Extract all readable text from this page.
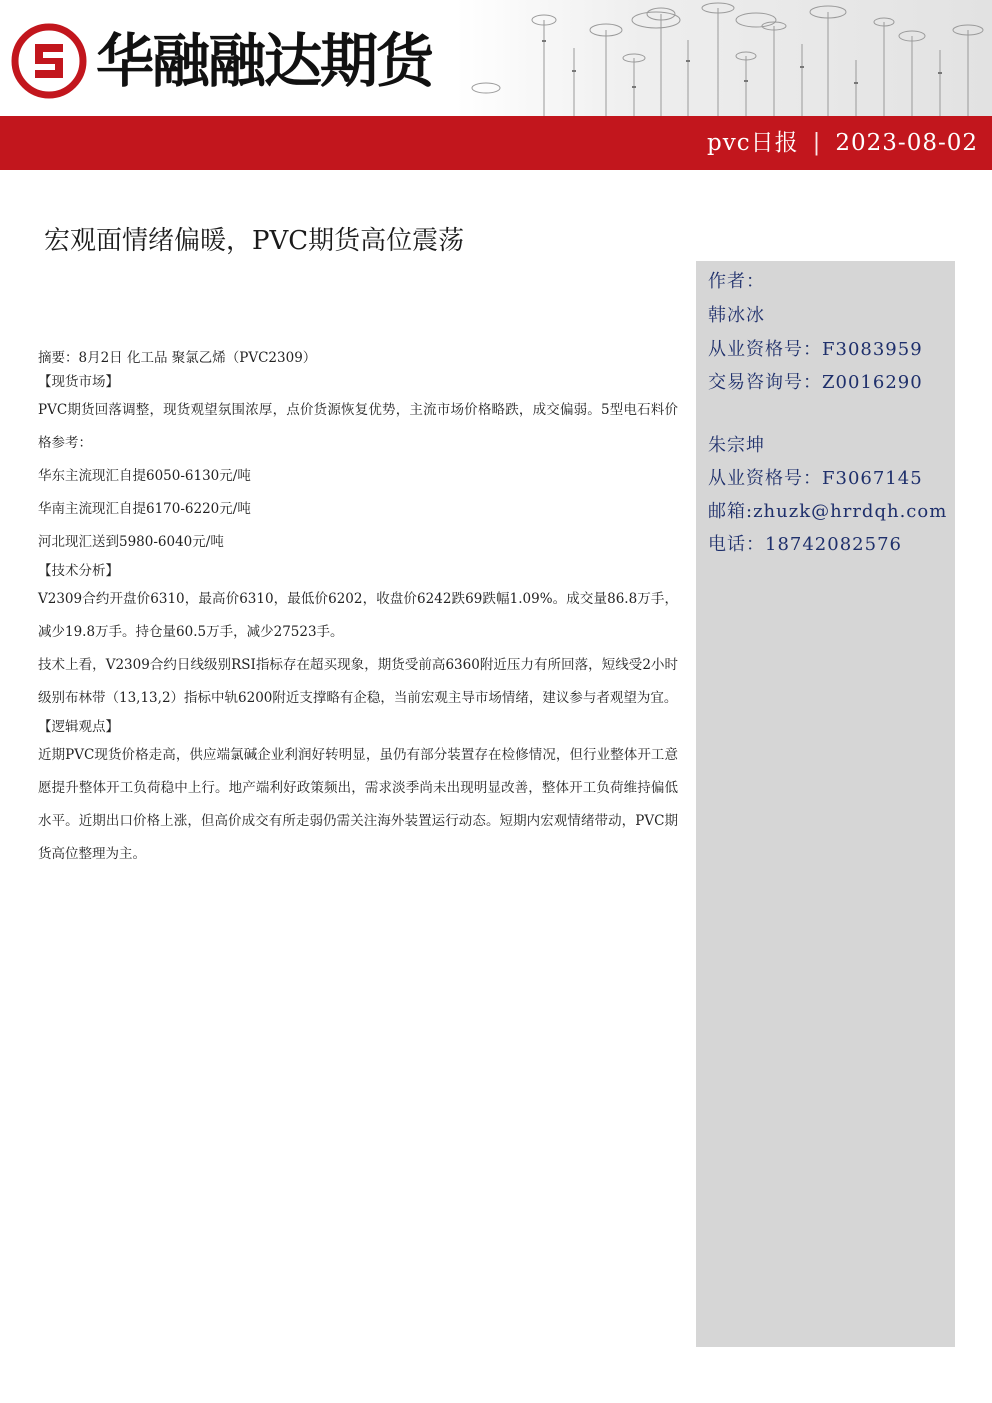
华融融达期货
pvc日报 | 2023-08-02
宏观面情绪偏暖，PVC期货高位震荡
作者：
韩冰冰
从业资格号：F3083959
交易咨询号：Z0016290
朱宗坤
从业资格号：F3067145
邮箱:zhuzk@hrrdqh.com
电话：18742082576

摘要：8月2日 化工品 聚氯乙烯（PVC2309）

【现货市场】

PVC期货回落调整，现货观望氛围浓厚，点价货源恢复优势，主流市场价格略跌，成交偏弱。5型电石料价格参考：

华东主流现汇自提6050-6130元/吨

华南主流现汇自提6170-6220元/吨

河北现汇送到5980-6040元/吨

【技术分析】

V2309合约开盘价6310，最高价6310，最低价6202，收盘价6242跌69跌幅1.09%。成交量86.8万手，减少19.8万手。持仓量60.5万手，减少27523手。

技术上看，V2309合约日线级别RSI指标存在超买现象，期货受前高6360附近压力有所回落，短线受2小时级别布林带（13,13,2）指标中轨6200附近支撑略有企稳，当前宏观主导市场情绪，建议参与者观望为宜。

【逻辑观点】

近期PVC现货价格走高，供应端氯碱企业利润好转明显，虽仍有部分装置存在检修情况，但行业整体开工意愿提升整体开工负荷稳中上行。地产端利好政策频出，需求淡季尚未出现明显改善，整体开工负荷维持偏低水平。近期出口价格上涨，但高价成交有所走弱仍需关注海外装置运行动态。短期内宏观情绪带动，PVC期货高位整理为主。
